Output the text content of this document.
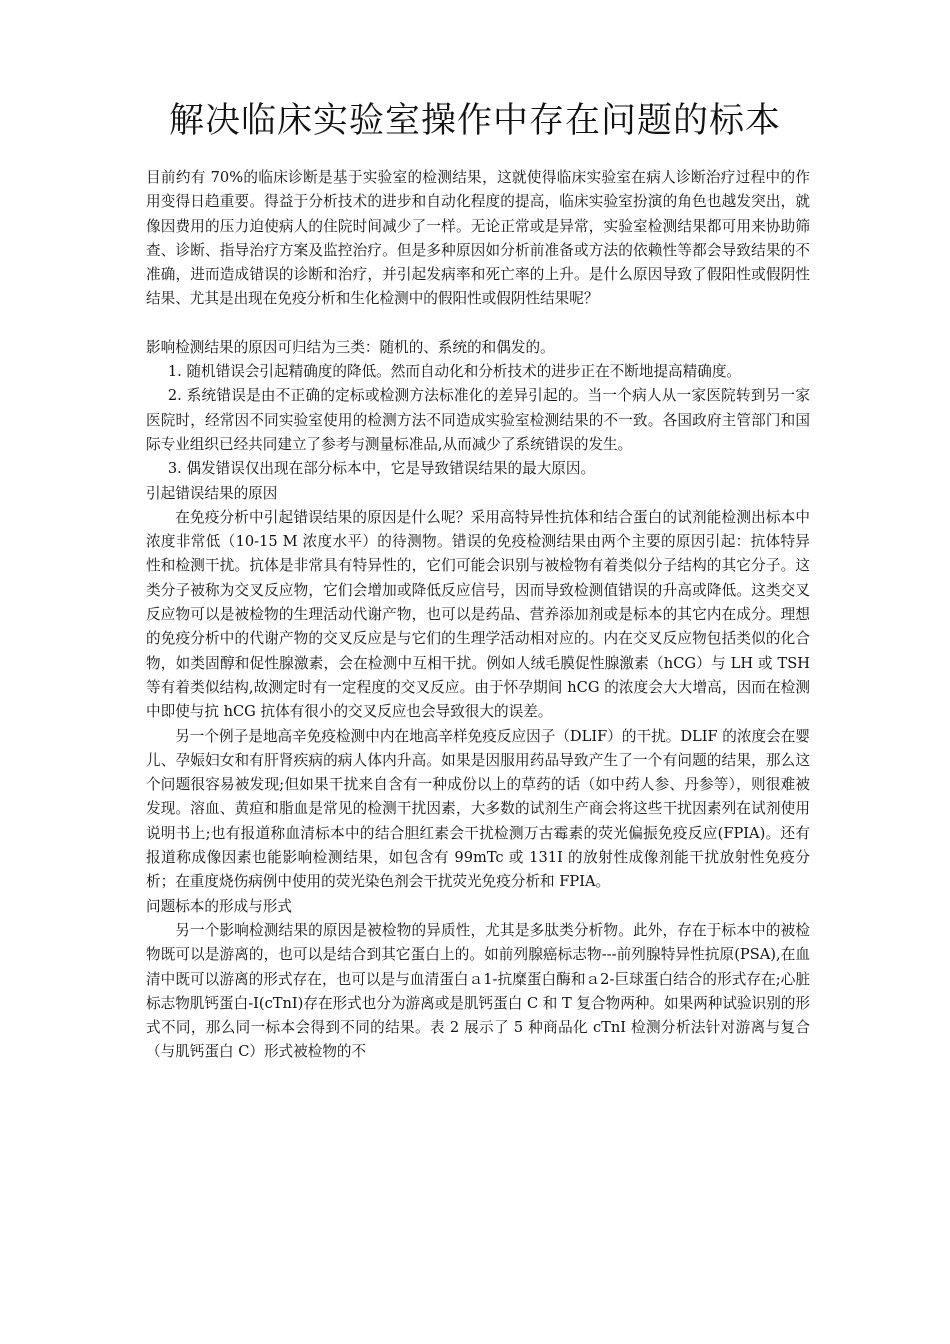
解决临床实验室操作中存在问题的标本

目前约有 70%的临床诊断是基于实验室的检测结果，这就使得临床实验室在病人诊断治疗过程中的作用变得日趋重要。得益于分析技术的进步和自动化程度的提高，临床实验室扮演的角色也越发突出，就像因费用的压力迫使病人的住院时间减少了一样。无论正常或是异常，实验室检测结果都可用来协助筛查、诊断、指导治疗方案及监控治疗。但是多种原因如分析前准备或方法的依赖性等都会导致结果的不准确，进而造成错误的诊断和治疗，并引起发病率和死亡率的上升。是什么原因导致了假阳性或假阴性结果、尤其是出现在免疫分析和生化检测中的假阳性或假阴性结果呢？

影响检测结果的原因可归结为三类：随机的、系统的和偶发的。

1. 随机错误会引起精确度的降低。然而自动化和分析技术的进步正在不断地提高精确度。

2. 系统错误是由不正确的定标或检测方法标准化的差异引起的。当一个病人从一家医院转到另一家医院时，经常因不同实验室使用的检测方法不同造成实验室检测结果的不一致。各国政府主管部门和国际专业组织已经共同建立了参考与测量标准品,从而减少了系统错误的发生。

3. 偶发错误仅出现在部分标本中，它是导致错误结果的最大原因。

引起错误结果的原因

在免疫分析中引起错误结果的原因是什么呢？采用高特异性抗体和结合蛋白的试剂能检测出标本中浓度非常低（10-15 M 浓度水平）的待测物。错误的免疫检测结果由两个主要的原因引起：抗体特异性和检测干扰。抗体是非常具有特异性的，它们可能会识别与被检物有着类似分子结构的其它分子。这类分子被称为交叉反应物，它们会增加或降低反应信号，因而导致检测值错误的升高或降低。这类交叉反应物可以是被检物的生理活动代谢产物，也可以是药品、营养添加剂或是标本的其它内在成分。理想的免疫分析中的代谢产物的交叉反应是与它们的生理学活动相对应的。内在交叉反应物包括类似的化合物，如类固醇和促性腺激素，会在检测中互相干扰。例如人绒毛膜促性腺激素（hCG）与 LH 或 TSH 等有着类似结构,故测定时有一定程度的交叉反应。由于怀孕期间 hCG 的浓度会大大增高，因而在检测中即使与抗 hCG 抗体有很小的交叉反应也会导致很大的误差。

另一个例子是地高辛免疫检测中内在地高辛样免疫反应因子（DLIF）的干扰。DLIF 的浓度会在婴儿、孕娠妇女和有肝肾疾病的病人体内升高。如果是因服用药品导致产生了一个有问题的结果，那么这个问题很容易被发现;但如果干扰来自含有一种成份以上的草药的话（如中药人参、丹参等），则很难被发现。溶血、黄疸和脂血是常见的检测干扰因素，大多数的试剂生产商会将这些干扰因素列在试剂使用说明书上;也有报道称血清标本中的结合胆红素会干扰检测万古霉素的荧光偏振免疫反应(FPIA)。还有报道称成像因素也能影响检测结果，如包含有 99mTc 或 131I 的放射性成像剂能干扰放射性免疫分析；在重度烧伤病例中使用的荧光染色剂会干扰荧光免疫分析和 FPIA。

问题标本的形成与形式

另一个影响检测结果的原因是被检物的异质性，尤其是多肽类分析物。此外，存在于标本中的被检物既可以是游离的，也可以是结合到其它蛋白上的。如前列腺癌标志物---前列腺特异性抗原(PSA),在血清中既可以游离的形式存在，也可以是与血清蛋白ａ1-抗糜蛋白酶和ａ2-巨球蛋白结合的形式存在;心脏标志物肌钙蛋白-I(cTnI)存在形式也分为游离或是肌钙蛋白 C 和 T 复合物两种。如果两种试验识别的形式不同，那么同一标本会得到不同的结果。表 2 展示了 5 种商品化 cTnI 检测分析法针对游离与复合（与肌钙蛋白 C）形式被检物的不
